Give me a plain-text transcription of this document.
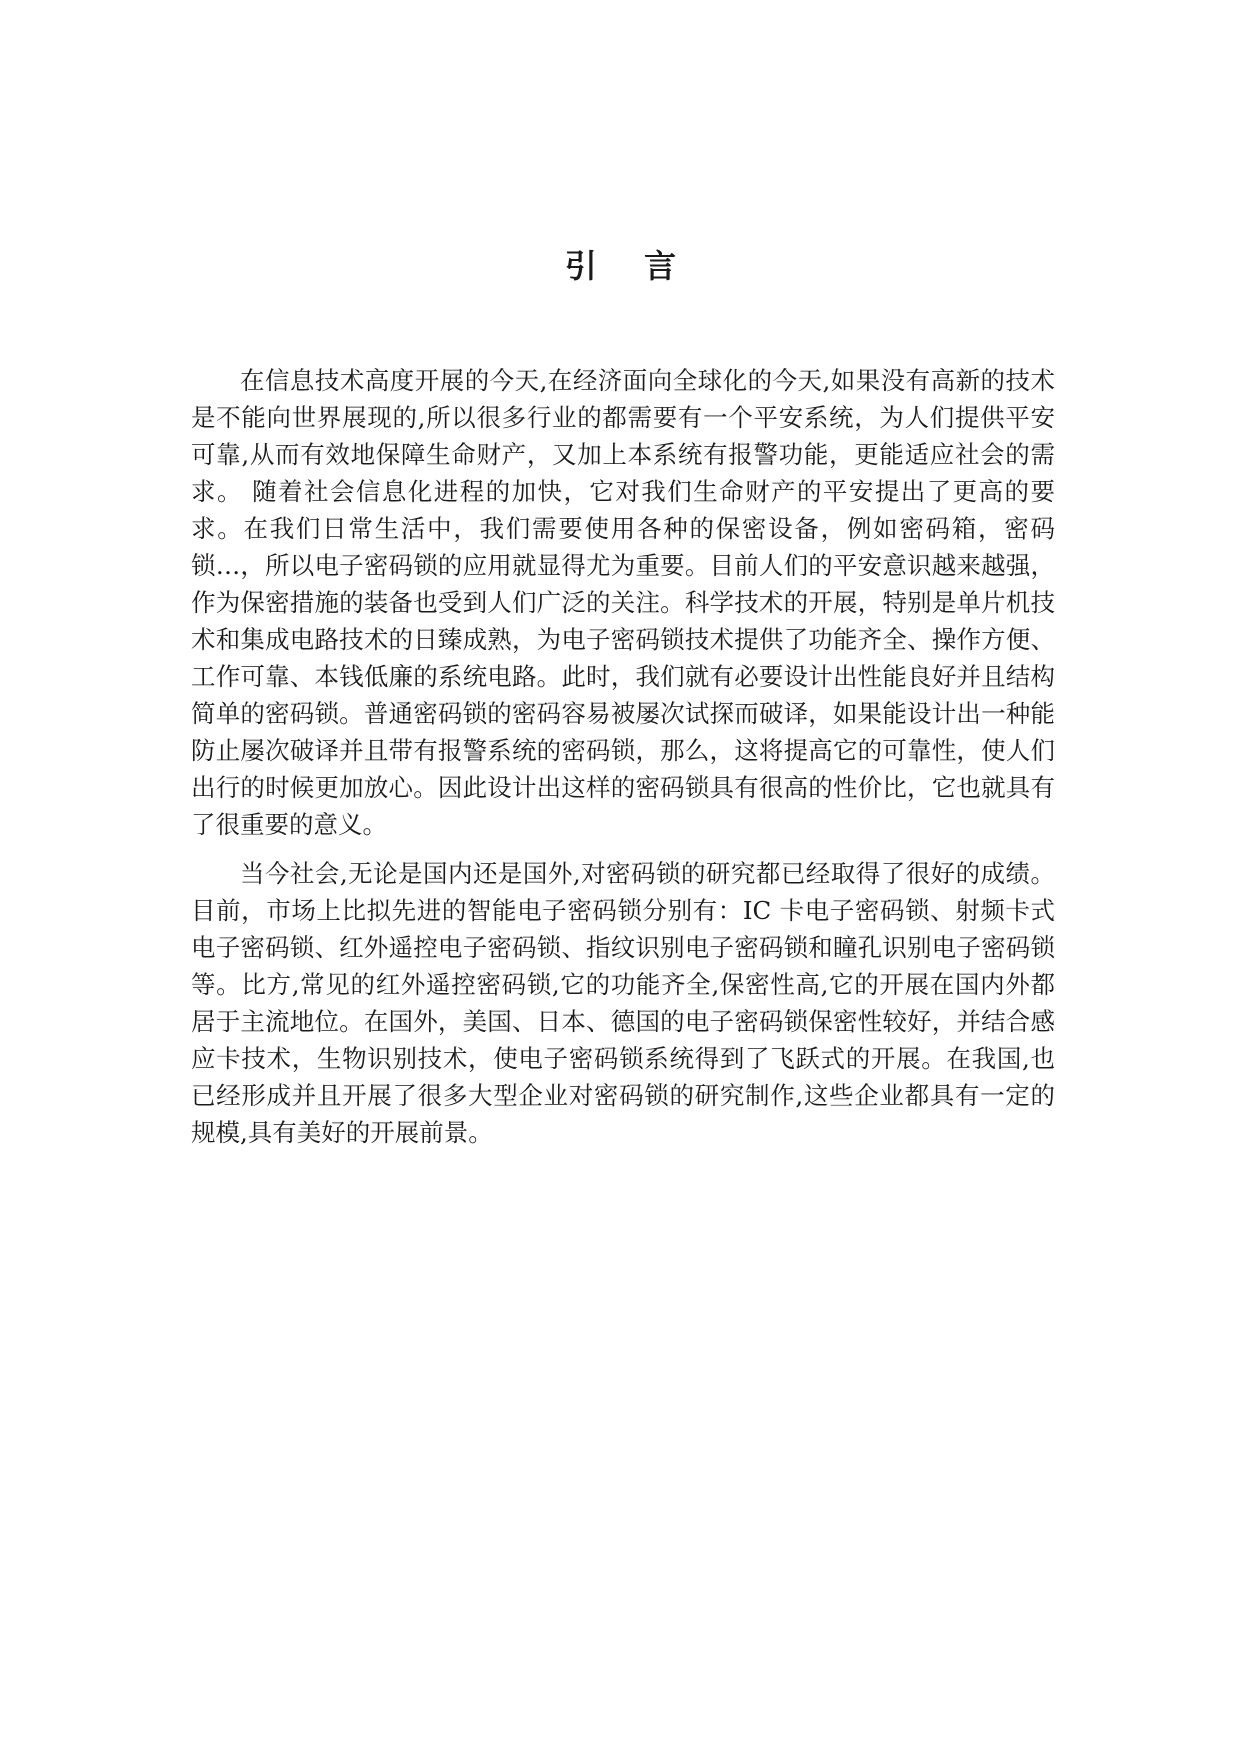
引 言

在信息技术高度开展的今天,在经济面向全球化的今天,如果没有高新的技术是不能向世界展现的,所以很多行业的都需要有一个平安系统，为人们提供平安可靠,从而有效地保障生命财产，又加上本系统有报警功能，更能适应社会的需求。 随着社会信息化进程的加快，它对我们生命财产的平安提出了更高的要求。在我们日常生活中，我们需要使用各种的保密设备，例如密码箱，密码锁…，所以电子密码锁的应用就显得尤为重要。目前人们的平安意识越来越强，作为保密措施的装备也受到人们广泛的关注。科学技术的开展，特别是单片机技术和集成电路技术的日臻成熟，为电子密码锁技术提供了功能齐全、操作方便、工作可靠、本钱低廉的系统电路。此时，我们就有必要设计出性能良好并且结构简单的密码锁。普通密码锁的密码容易被屡次试探而破译，如果能设计出一种能防止屡次破译并且带有报警系统的密码锁，那么，这将提高它的可靠性，使人们出行的时候更加放心。因此设计出这样的密码锁具有很高的性价比，它也就具有了很重要的意义。

当今社会,无论是国内还是国外,对密码锁的研究都已经取得了很好的成绩。目前，市场上比拟先进的智能电子密码锁分别有：IC 卡电子密码锁、射频卡式电子密码锁、红外遥控电子密码锁、指纹识别电子密码锁和瞳孔识别电子密码锁等。比方,常见的红外遥控密码锁,它的功能齐全,保密性高,它的开展在国内外都居于主流地位。在国外，美国、日本、德国的电子密码锁保密性较好，并结合感应卡技术，生物识别技术，使电子密码锁系统得到了飞跃式的开展。在我国,也已经形成并且开展了很多大型企业对密码锁的研究制作,这些企业都具有一定的规模,具有美好的开展前景。
